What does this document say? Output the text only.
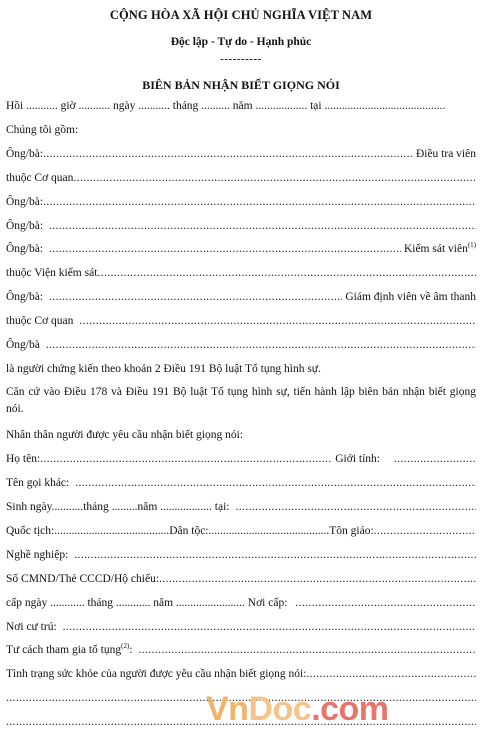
CỘNG HÒA XÃ HỘI CHỦ NGHĨA VIỆT NAM
Độc lập - Tự do - Hạnh phúc
----------
BIÊN BẢN NHẬN BIẾT GIỌNG NÓI
Hồi ........... giờ ........... ngày ........... tháng .......... năm .................. tại ..........................................
Chúng tôi gồm:
Ông/bà: .....	Điều tra viên
thuộc Cơ quan
.....
Ông/bà:
.....
Ông/bà:
.....
Ông/bà: .....	Kiểm sát viên$^{(1)}$
thuộc Viện kiểm sát
.....
Ông/bà: .....	Giám định viên về âm thanh
thuộc Cơ quan
.....
Ông/bà
.....
là người chứng kiến theo khoản 2 Điều 191 Bộ luật Tố tụng hình sự.
Căn cứ vào Điều 178 và Điều 191 Bộ luật Tố tụng hình sự, tiến hành lập biên bản nhận biết giọng nói.
Nhân thân người được yêu cầu nhận biết giọng nói:
Họ tên: .....	Giới tính:
.....
Tên gọi khác:
.....
Sinh ngày...........tháng .........năm .................. tại:
.....
Quốc tịch:........................................Dân tộc:..........................................Tôn giáo:
.....
Nghề nghiệp:
.....
Số CMND/Thẻ CCCD/Hộ chiếu:
.....
cấp ngày ............ tháng ............ năm ........................ Nơi cấp:
.....
Nơi cư trú:
.....
Tư cách tham gia tố tụng$^{(2)}$:
.....
Tình trạng sức khỏe của người được yêu cầu nhận biết giọng nói:
.....
.....
.....
VnDoc.com
